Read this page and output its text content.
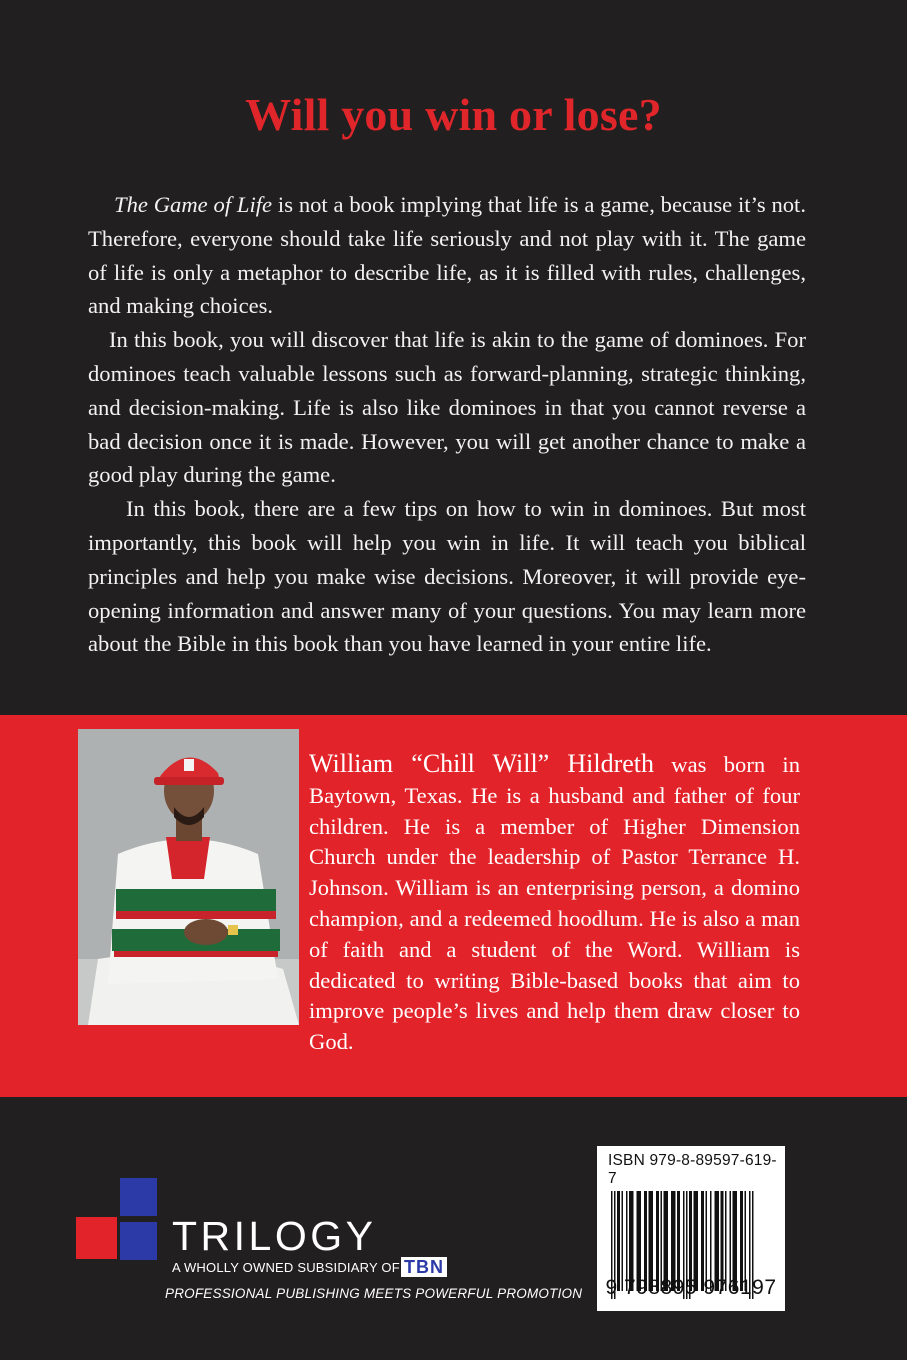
Will you win or lose?

The Game of Life is not a book implying that life is a game, because it’s not. Therefore, everyone should take life seriously and not play with it. The game of life is only a metaphor to describe life, as it is filled with rules, challenges, and making choices.

In this book, you will discover that life is akin to the game of dominoes. For dominoes teach valuable lessons such as forward-planning, strategic thinking, and decision-making. Life is also like dominoes in that you cannot reverse a bad decision once it is made. However, you will get another chance to make a good play during the game.

In this book, there are a few tips on how to win in dominoes. But most importantly, this book will help you win in life. It will teach you biblical principles and help you make wise decisions. Moreover, it will provide eye-opening information and answer many of your questions. You may learn more about the Bible in this book than you have learned in your entire life.

William “Chill Will” Hildreth was born in Baytown, Texas. He is a husband and father of four children. He is a member of Higher Dimension Church under the leadership of Pastor Terrance H. Johnson. William is an enterprising person, a domino champion, and a redeemed hoodlum. He is also a man of faith and a student of the Word. William is dedicated to writing Bible-based books that aim to improve people’s lives and help them draw closer to God.

ISBN 979-8-89597-619-7

9 798895 976197

TRILOGY

A WHOLLY OWNED SUBSIDIARY OF TBN

PROFESSIONAL PUBLISHING MEETS POWERFUL PROMOTION
